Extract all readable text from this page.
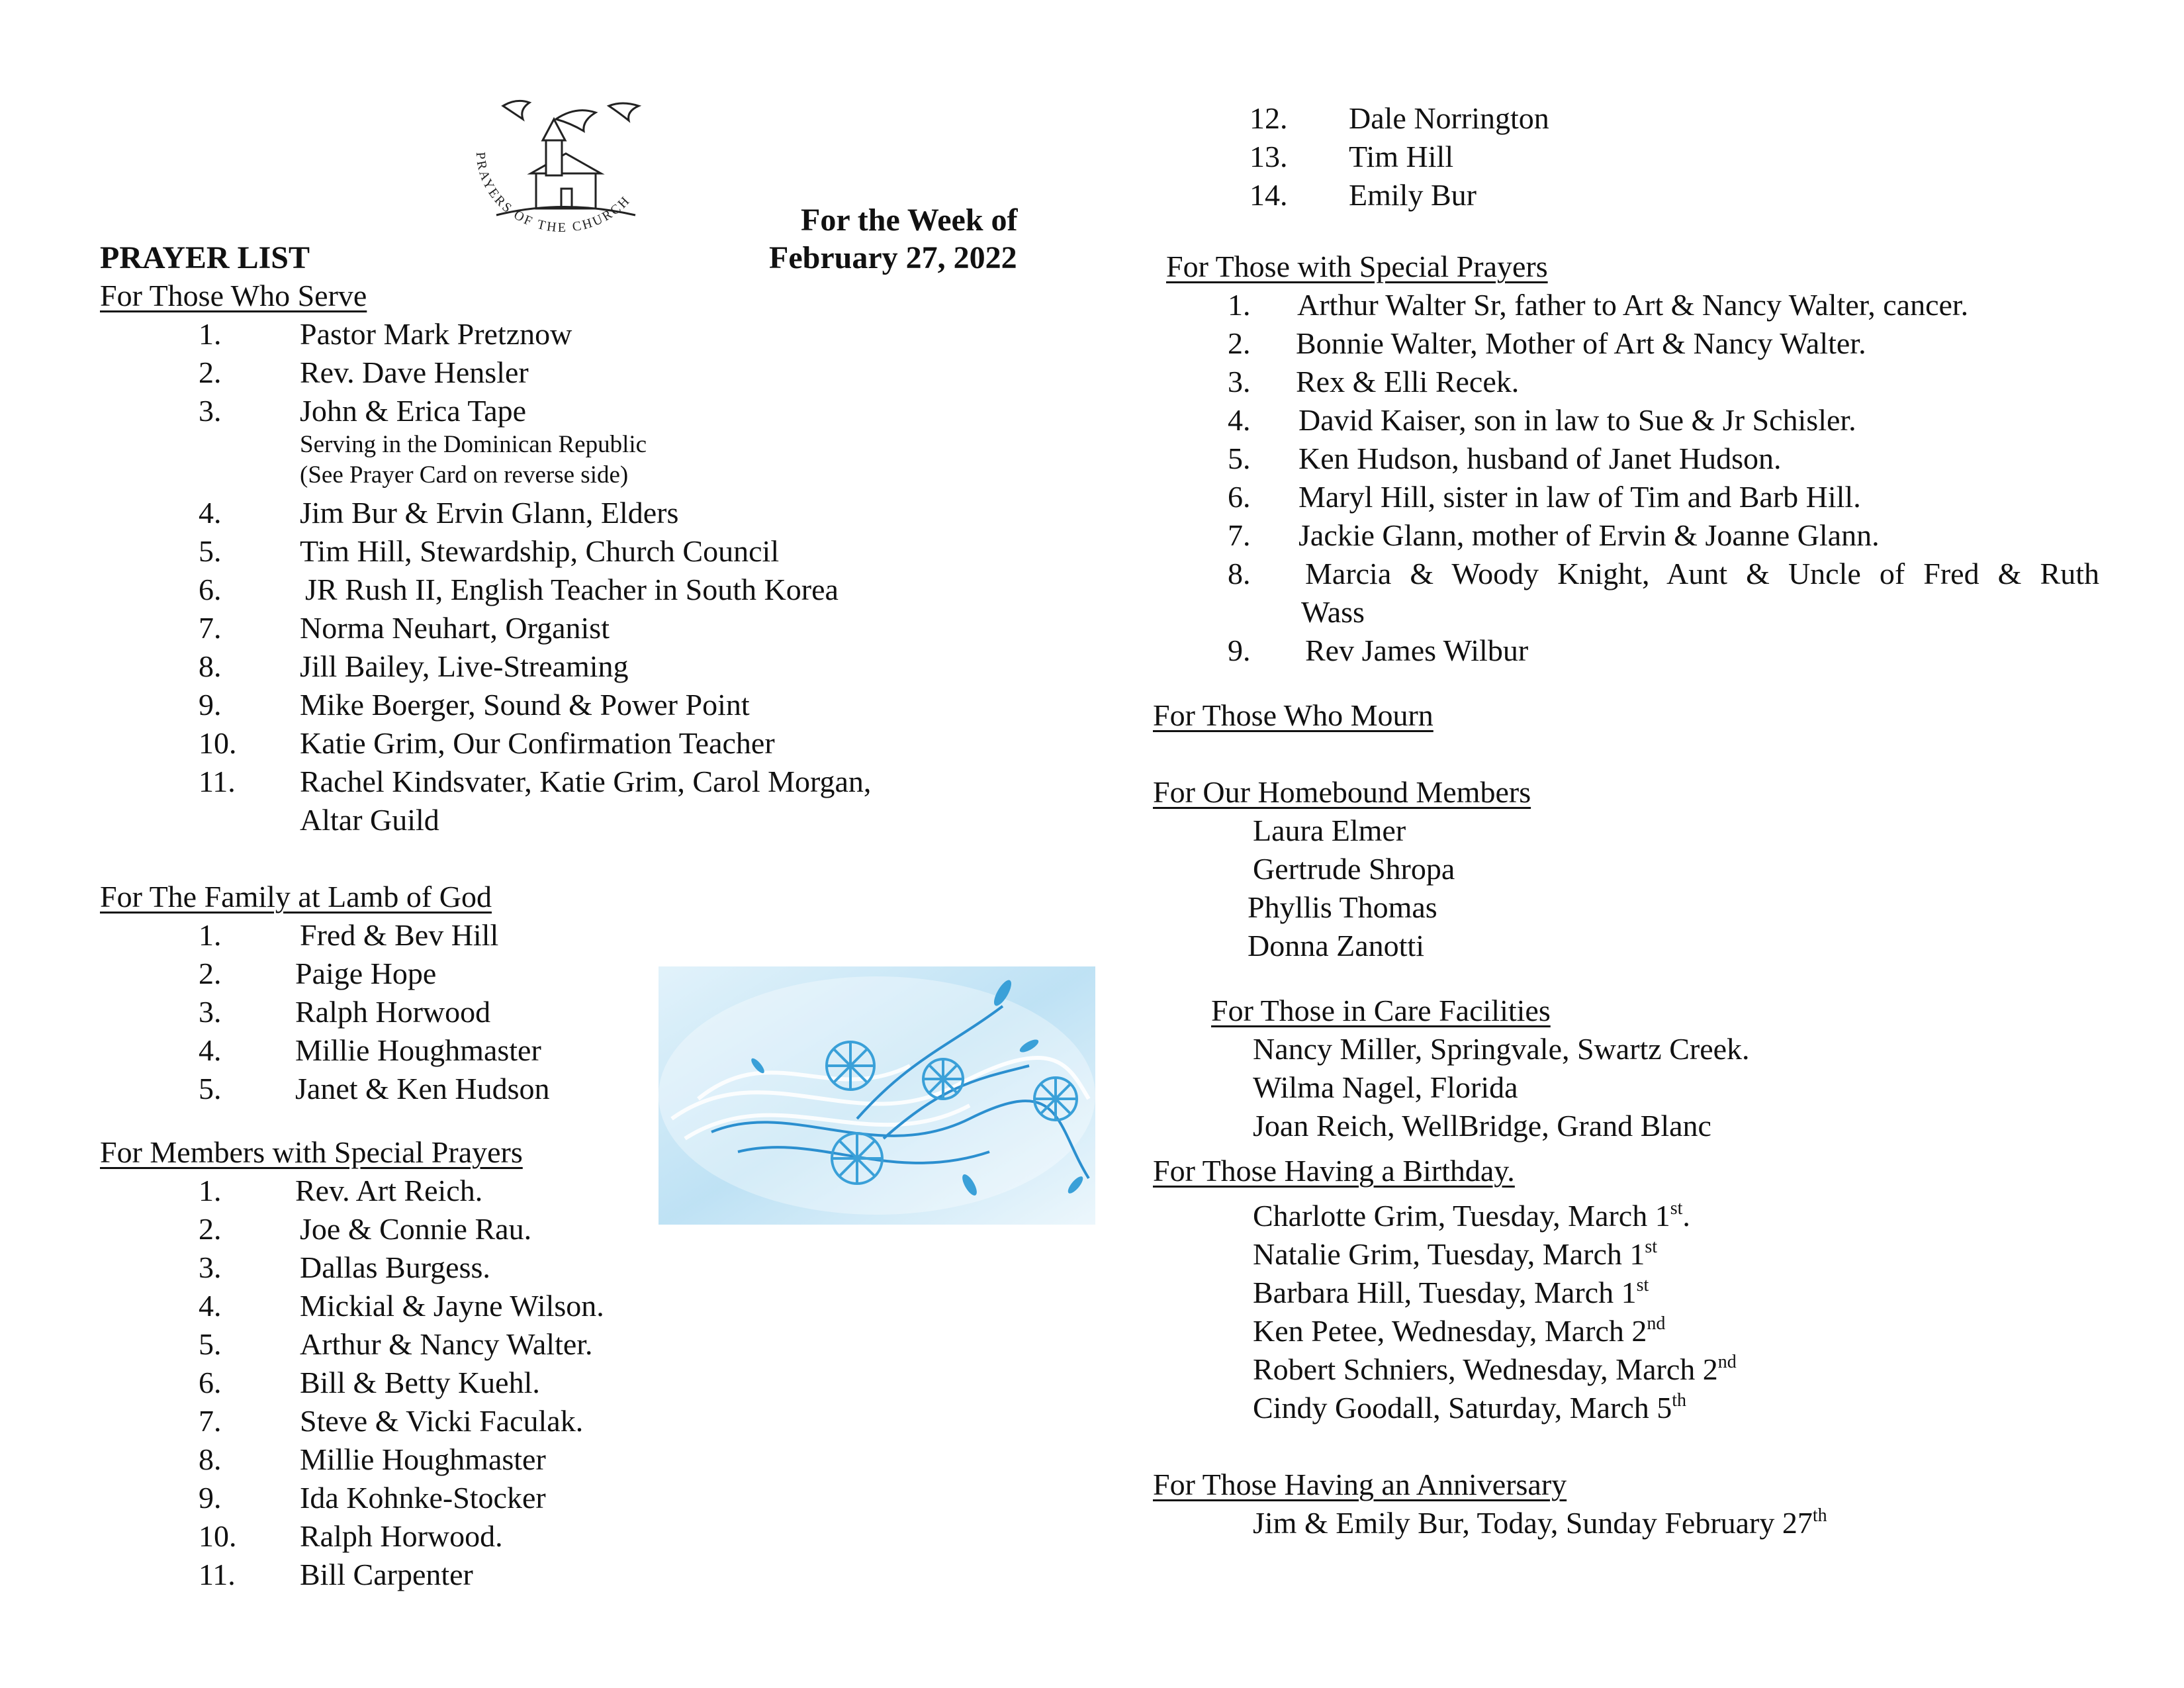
PRAYERS OF THE CHURCH
For the Week of
PRAYER LIST	February 27, 2022
For Those Who Serve
1.	Pastor Mark Pretznow
2.	Rev. Dave Hensler
3.	John & Erica Tape
Serving in the Dominican Republic
(See Prayer Card on reverse side)
4.	Jim Bur & Ervin Glann, Elders
5.	Tim Hill, Stewardship, Church Council
6.	JR Rush II, English Teacher in South Korea
7.	Norma Neuhart, Organist
8.	Jill Bailey, Live-Streaming
9.	Mike Boerger, Sound & Power Point
10. Katie Grim, Our Confirmation Teacher
11. Rachel Kindsvater, Katie Grim, Carol Morgan,
Altar Guild
12. Dale Norrington
13. Tim Hill
14. Emily Bur
For The Family at Lamb of God
1.	Fred & Bev Hill
2. Paige Hope
3. Ralph Horwood
4. Millie Houghmaster
5. Janet & Ken Hudson
For Members with Special Prayers
1. Rev. Art Reich.
2.	Joe & Connie Rau.
3.	Dallas Burgess.
4.	Mickial & Jayne Wilson.
5.	Arthur & Nancy Walter.
6.	Bill & Betty Kuehl.
7.	Steve & Vicki Faculak.
8.	Millie Houghmaster
9.	Ida Kohnke-Stocker
10. Ralph Horwood.
11. Bill Carpenter
For Those with Special Prayers
1. Arthur Walter Sr, father to Art & Nancy Walter, cancer.
2. Bonnie Walter, Mother of Art & Nancy Walter.
3. Rex & Elli Recek.
4. David Kaiser, son in law to Sue & Jr Schisler.
5. Ken Hudson, husband of Janet Hudson.
6. Maryl Hill, sister in law of Tim and Barb Hill.
7. Jackie Glann, mother of Ervin & Joanne Glann.
8. Marcia & Woody Knight, Aunt & Uncle of Fred & Ruth
Wass
9. Rev James Wilbur
For Those Who Mourn
For Our Homebound Members
Laura Elmer
Gertrude Shropa
Phyllis Thomas
Donna Zanotti
For Those in Care Facilities
Nancy Miller, Springvale, Swartz Creek.
Wilma Nagel, Florida
Joan Reich, WellBridge, Grand Blanc
For Those Having a Birthday.
Charlotte Grim, Tuesday, March 1st.
Natalie Grim, Tuesday, March 1st
Barbara Hill, Tuesday, March 1st
Ken Petee, Wednesday, March 2nd
Robert Schniers, Wednesday, March 2nd
Cindy Goodall, Saturday, March 5th
For Those Having an Anniversary
Jim & Emily Bur, Today, Sunday February 27th
